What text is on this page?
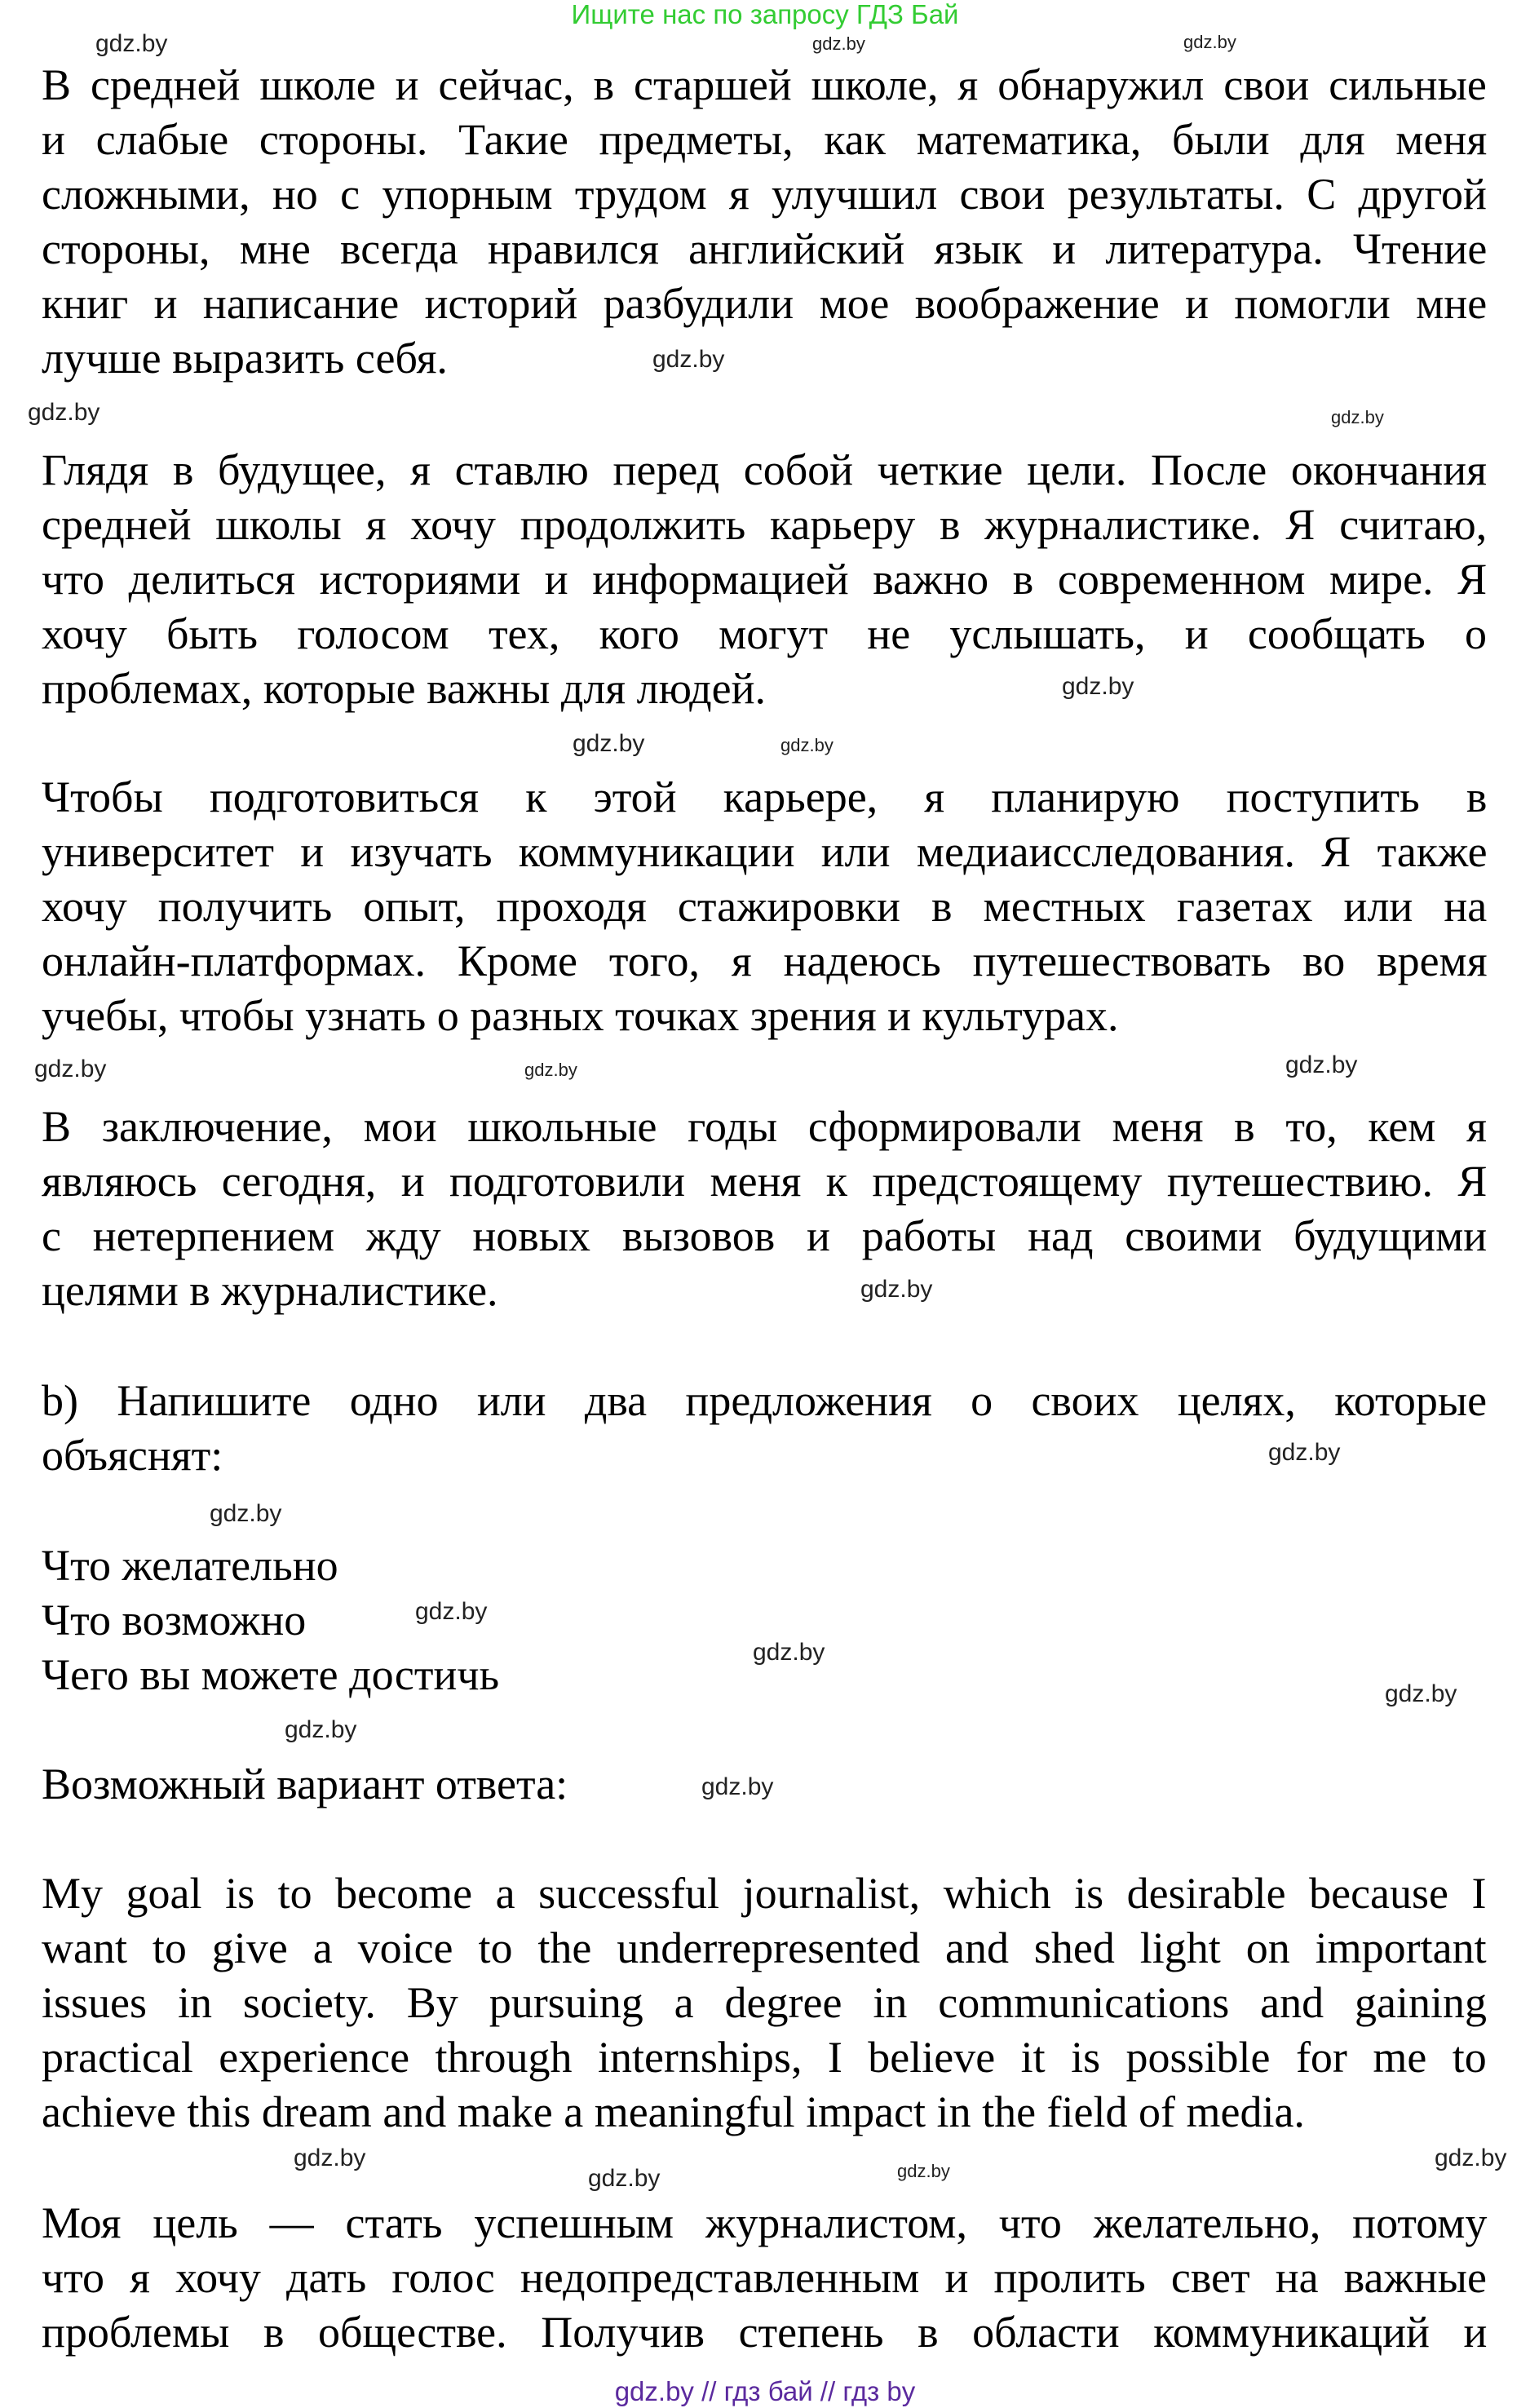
Ищите нас по запросу ГДЗ Бай
В средней школе и сейчас, в старшей школе, я обнаружил свои сильные
и слабые стороны. Такие предметы, как математика, были для меня
сложными, но с упорным трудом я улучшил свои результаты. С другой
стороны, мне всегда нравился английский язык и литература. Чтение
книг и написание историй разбудили мое воображение и помогли мне
лучше выразить себя.
Глядя в будущее, я ставлю перед собой четкие цели. После окончания
средней школы я хочу продолжить карьеру в журналистике. Я считаю,
что делиться историями и информацией важно в современном мире. Я
хочу быть голосом тех, кого могут не услышать, и сообщать о
проблемах, которые важны для людей.
Чтобы подготовиться к этой карьере, я планирую поступить в
университет и изучать коммуникации или медиаисследования. Я также
хочу получить опыт, проходя стажировки в местных газетах или на
онлайн-платформах. Кроме того, я надеюсь путешествовать во время
учебы, чтобы узнать о разных точках зрения и культурах.
В заключение, мои школьные годы сформировали меня в то, кем я
являюсь сегодня, и подготовили меня к предстоящему путешествию. Я
с нетерпением жду новых вызовов и работы над своими будущими
целями в журналистике.
b) Напишите одно или два предложения о своих целях, которые
объяснят:
Что желательно
Что возможно
Чего вы можете достичь
Возможный вариант ответа:
My goal is to become a successful journalist, which is desirable because I
want to give a voice to the underrepresented and shed light on important
issues in society. By pursuing a degree in communications and gaining
practical experience through internships, I believe it is possible for me to
achieve this dream and make a meaningful impact in the field of media.
Моя цель — стать успешным журналистом, что желательно, потому
что я хочу дать голос недопредставленным и пролить свет на важные
проблемы в обществе. Получив степень в области коммуникаций и
gdz.by // гдз бай // гдз by
gdz.by	gdz.by	gdz.by
gdz.by
gdz.by	gdz.by
gdz.by
gdz.by	gdz.by
gdz.by
gdz.by	gdz.by
gdz.by
gdz.by
gdz.by
gdz.by
gdz.by
gdz.by
gdz.by
gdz.by
gdz.by
gdz.by
gdz.by	gdz.by
